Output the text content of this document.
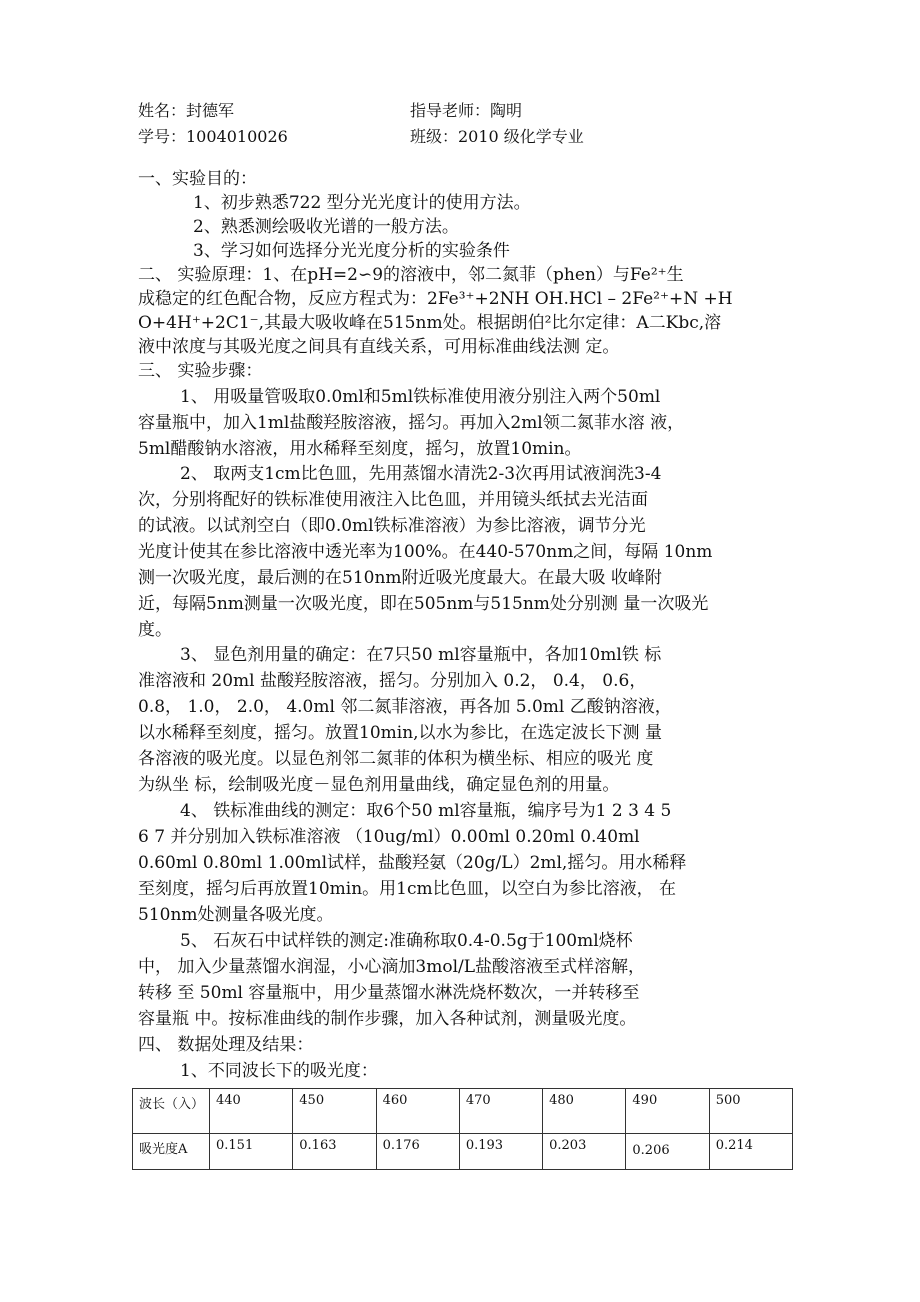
姓名：封德军	指导老师：陶明
学号：1004010026	班级：2010 级化学专业
一、实验目的：
1、初步熟悉722 型分光光度计的使用方法。
2、熟悉测绘吸收光谱的一般方法。
3、学习如何选择分光光度分析的实验条件
二、 实验原理：1、在pH=2∽9的溶液中，邻二氮菲（phen）与Fe²⁺生
成稳定的红色配合物，反应方程式为：2Fe³⁺+2NH OH.HCl – 2Fe²⁺+N +H
O+4H⁺+2C1⁻,其最大吸收峰在515nm处。根据朗伯²比尔定律：A二Kbc,溶
液中浓度与其吸光度之间具有直线关系，可用标准曲线法测 定。
三、 实验步骤：
1、 用吸量管吸取0.0ml和5ml铁标准使用液分别注入两个50ml
容量瓶中，加入1ml盐酸羟胺溶液，摇匀。再加入2ml领二氮菲水溶 液，
5ml醋酸钠水溶液，用水稀释至刻度，摇匀，放置10min。
2、 取两支1cm比色皿，先用蒸馏水清洗2-3次再用试液润洗3-4
次，分别将配好的铁标准使用液注入比色皿，并用镜头纸拭去光洁面
的试液。以试剂空白（即0.0ml铁标准溶液）为参比溶液，调节分光
光度计使其在参比溶液中透光率为100%。在440-570nm之间，每隔 10nm
测一次吸光度，最后测的在510nm附近吸光度最大。在最大吸 收峰附
近，每隔5nm测量一次吸光度，即在505nm与515nm处分别测 量一次吸光
度。
3、 显色剂用量的确定：在7只50 ml容量瓶中，各加10ml铁 标
准溶液和 20ml 盐酸羟胺溶液，摇匀。分别加入 0.2， 0.4， 0.6，
0.8， 1.0， 2.0， 4.0ml 邻二氮菲溶液，再各加 5.0ml 乙酸钠溶液，
以水稀释至刻度，摇匀。放置10min,以水为参比，在选定波长下测 量
各溶液的吸光度。以显色剂邻二氮菲的体积为横坐标、相应的吸光 度
为纵坐 标，绘制吸光度－显色剂用量曲线，确定显色剂的用量。
4、 铁标准曲线的测定：取6个50 ml容量瓶，编序号为1 2 3 4 5
6 7 并分别加入铁标准溶液 （10ug/ml）0.00ml 0.20ml 0.40ml
0.60ml 0.80ml 1.00ml试样，盐酸羟氨（20g/L）2ml,摇匀。用水稀释
至刻度，摇匀后再放置10min。用1cm比色皿，以空白为参比溶液， 在
510nm处测量各吸光度。
5、 石灰石中试样铁的测定:准确称取0.4-0.5g于100ml烧杯
中， 加入少量蒸馏水润湿，小心滴加3mol/L盐酸溶液至式样溶解，
转移 至 50ml 容量瓶中，用少量蒸馏水淋洗烧杯数次，一并转移至
容量瓶 中。按标准曲线的制作步骤，加入各种试剂，测量吸光度。
四、 数据处理及结果：
1、不同波长下的吸光度：
波长（入）	440	450	460	470	480	490	500
吸光度A	0.151	0.163	0.176	0.193	0.203	0.206	0.214
